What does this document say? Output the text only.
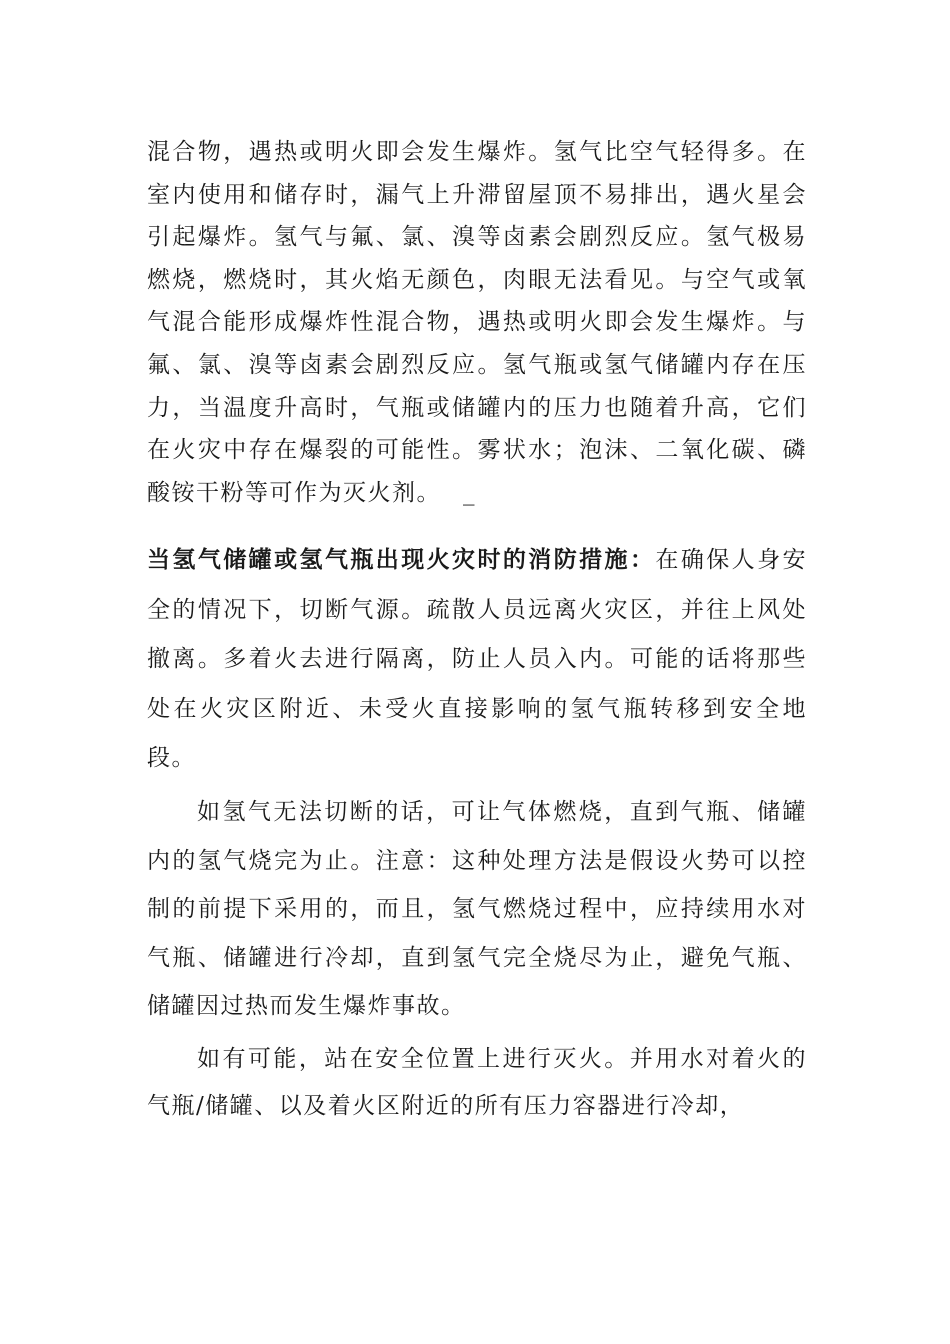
混合物，遇热或明火即会发生爆炸。氢气比空气轻得多。在室内使用和储存时，漏气上升滞留屋顶不易排出，遇火星会引起爆炸。氢气与氟、氯、溴等卤素会剧烈反应。氢气极易燃烧，燃烧时，其火焰无颜色，肉眼无法看见。与空气或氧气混合能形成爆炸性混合物，遇热或明火即会发生爆炸。与氟、氯、溴等卤素会剧烈反应。氢气瓶或氢气储罐内存在压力，当温度升高时，气瓶或储罐内的压力也随着升高，它们在火灾中存在爆裂的可能性。雾状水；泡沫、二氧化碳、磷酸铵干粉等可作为灭火剂。 _

当氢气储罐或氢气瓶出现火灾时的消防措施：在确保人身安全的情况下，切断气源。疏散人员远离火灾区，并往上风处撤离。多着火去进行隔离，防止人员入内。可能的话将那些处在火灾区附近、未受火直接影响的氢气瓶转移到安全地段。

如氢气无法切断的话，可让气体燃烧，直到气瓶、储罐内的氢气烧完为止。注意：这种处理方法是假设火势可以控制的前提下采用的，而且，氢气燃烧过程中，应持续用水对气瓶、储罐进行冷却，直到氢气完全烧尽为止，避免气瓶、储罐因过热而发生爆炸事故。

如有可能，站在安全位置上进行灭火。并用水对着火的气瓶/储罐、以及着火区附近的所有压力容器进行冷却，
